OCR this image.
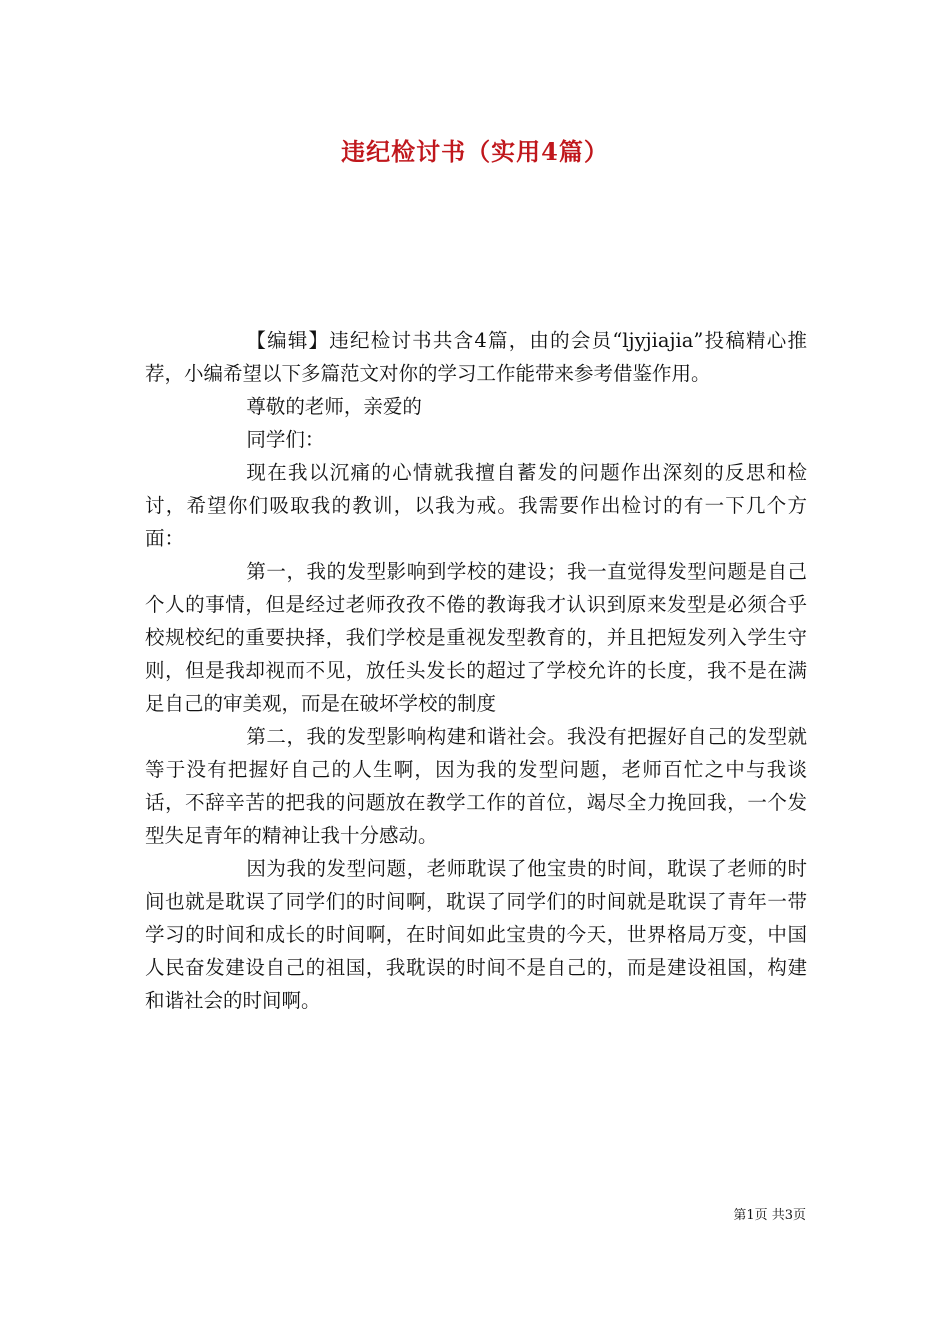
违纪检讨书（实用4篇）

【编辑】违纪检讨书共含4篇，由的会员“ljyjiajia”投稿精心推荐，小编希望以下多篇范文对你的学习工作能带来参考借鉴作用。

尊敬的老师，亲爱的

同学们：

现在我以沉痛的心情就我擅自蓄发的问题作出深刻的反思和检讨，希望你们吸取我的教训，以我为戒。我需要作出检讨的有一下几个方面：

第一，我的发型影响到学校的建设；我一直觉得发型问题是自己个人的事情，但是经过老师孜孜不倦的教诲我才认识到原来发型是必须合乎校规校纪的重要抉择，我们学校是重视发型教育的，并且把短发列入学生守则，但是我却视而不见，放任头发长的超过了学校允许的长度，我不是在满足自己的审美观，而是在破坏学校的制度

第二，我的发型影响构建和谐社会。我没有把握好自己的发型就等于没有把握好自己的人生啊，因为我的发型问题，老师百忙之中与我谈话，不辞辛苦的把我的问题放在教学工作的首位，竭尽全力挽回我，一个发型失足青年的精神让我十分感动。

因为我的发型问题，老师耽误了他宝贵的时间，耽误了老师的时间也就是耽误了同学们的时间啊，耽误了同学们的时间就是耽误了青年一带学习的时间和成长的时间啊，在时间如此宝贵的今天，世界格局万变，中国人民奋发建设自己的祖国，我耽误的时间不是自己的，而是建设祖国，构建和谐社会的时间啊。

第1页 共3页
